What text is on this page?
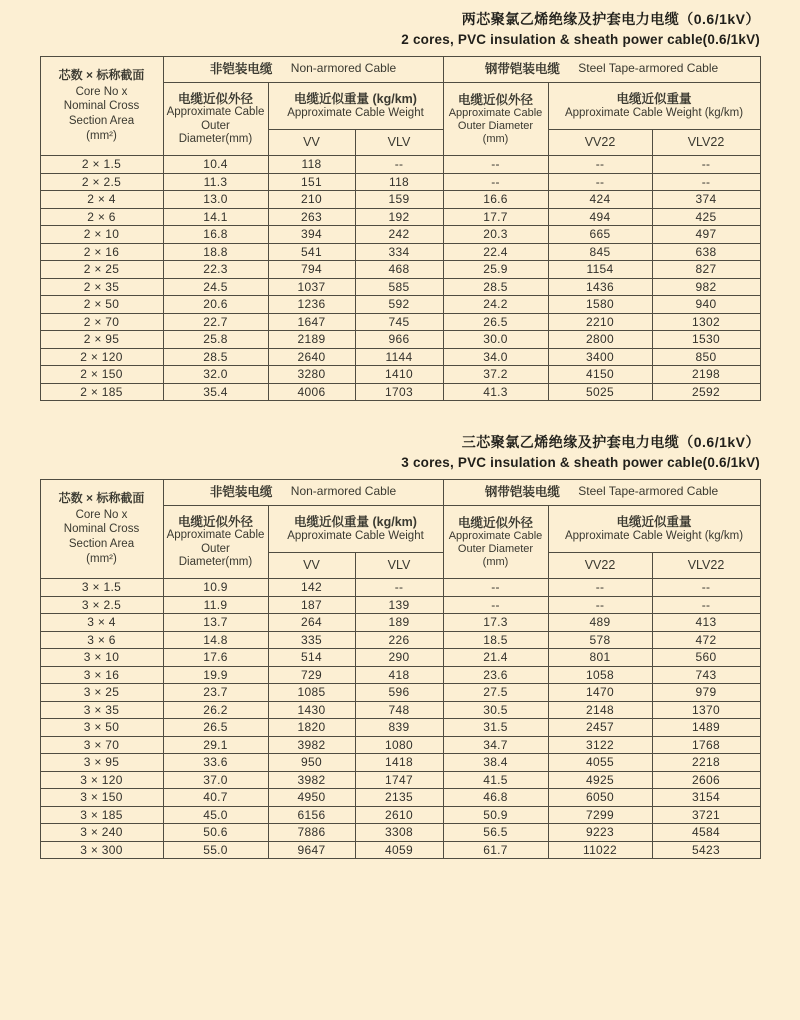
两芯聚氯乙烯绝缘及护套电力电缆（0.6/1kV）
2 cores, PVC insulation & sheath power cable(0.6/1kV)
芯数 × 标称截面
Core No x
Nominal Cross
Section Area
(mm²)	非铠装电缆 Non-armored Cable			钢带铠装电缆 Steel Tape-armored Cable		

	电缆近似外径
Approximate Cable
Outer Diameter(mm)	电缆近似重量 (kg/km)
Approximate Cable Weight		电缆近似外径
Approximate Cable
Outer Diameter
(mm)	电缆近似重量
Approximate Cable Weight (kg/km)	

		VV	VLV		VV22	VLV22
2 × 1.5	10.4	118	--	--	--	--
2 × 2.5	11.3	151	118	--	--	--
2 × 4	13.0	210	159	16.6	424	374
2 × 6	14.1	263	192	17.7	494	425
2 × 10	16.8	394	242	20.3	665	497
2 × 16	18.8	541	334	22.4	845	638
2 × 25	22.3	794	468	25.9	1154	827
2 × 35	24.5	1037	585	28.5	1436	982
2 × 50	20.6	1236	592	24.2	1580	940
2 × 70	22.7	1647	745	26.5	2210	1302
2 × 95	25.8	2189	966	30.0	2800	1530
2 × 120	28.5	2640	1144	34.0	3400	850
2 × 150	32.0	3280	1410	37.2	4150	2198
2 × 185	35.4	4006	1703	41.3	5025	2592
三芯聚氯乙烯绝缘及护套电力电缆（0.6/1kV）
3 cores, PVC insulation & sheath power cable(0.6/1kV)
芯数 × 标称截面
Core No x
Nominal Cross
Section Area
(mm²)	非铠装电缆 Non-armored Cable			钢带铠装电缆 Steel Tape-armored Cable		

	电缆近似外径
Approximate Cable
Outer Diameter(mm)	电缆近似重量 (kg/km)
Approximate Cable Weight		电缆近似外径
Approximate Cable
Outer Diameter
(mm)	电缆近似重量
Approximate Cable Weight (kg/km)	

		VV	VLV		VV22	VLV22
3 × 1.5	10.9	142	--	--	--	--
3 × 2.5	11.9	187	139	--	--	--
3 × 4	13.7	264	189	17.3	489	413
3 × 6	14.8	335	226	18.5	578	472
3 × 10	17.6	514	290	21.4	801	560
3 × 16	19.9	729	418	23.6	1058	743
3 × 25	23.7	1085	596	27.5	1470	979
3 × 35	26.2	1430	748	30.5	2148	1370
3 × 50	26.5	1820	839	31.5	2457	1489
3 × 70	29.1	3982	1080	34.7	3122	1768
3 × 95	33.6	950	1418	38.4	4055	2218
3 × 120	37.0	3982	1747	41.5	4925	2606
3 × 150	40.7	4950	2135	46.8	6050	3154
3 × 185	45.0	6156	2610	50.9	7299	3721
3 × 240	50.6	7886	3308	56.5	9223	4584
3 × 300	55.0	9647	4059	61.7	11022	5423
